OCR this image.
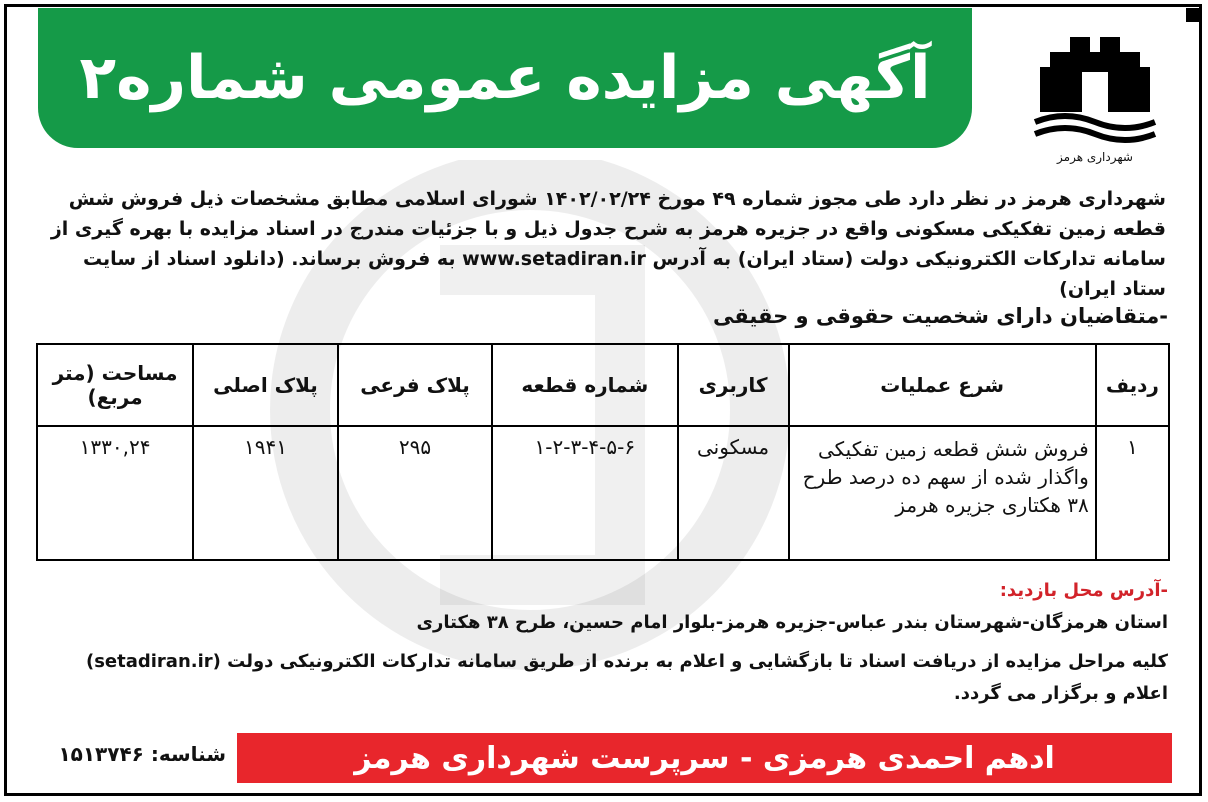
آگهی مزایده عمومی شماره۲
شهرداری هرمز
شهرداری هرمز در نظر دارد طی مجوز شماره ۴۹ مورخ ۱۴۰۲/۰۲/۲۴ شورای اسلامی مطابق مشخصات ذیل فروش شش قطعه زمین تفکیکی مسکونی واقع در جزیره هرمز به شرح جدول ذیل و با جزئیات مندرج در اسناد مزایده با بهره گیری از سامانه تدارکات الکترونیکی دولت (ستاد ایران) به آدرس www.setadiran.ir به فروش برساند. (دانلود اسناد از سایت ستاد ایران)
-متقاضیان دارای شخصیت حقوقی و حقیقی
ردیف	شرع عملیات	کاربری	شماره قطعه	پلاک فرعی	پلاک اصلی	مساحت (متر مربع)
۱	فروش شش قطعه زمین تفکیکی واگذار شده از سهم ده درصد طرح ۳۸ هکتاری جزیره هرمز	مسکونی	۱-۲-۳-۴-۵-۶	۲۹۵	۱۹۴۱	۱۳۳۰,۲۴
-آدرس محل بازدید:
استان هرمزگان-شهرستان بندر عباس-جزیره هرمز-بلوار امام حسین، طرح ۳۸ هکتاری
کلیه مراحل مزایده از دریافت اسناد تا بازگشایی و اعلام به برنده از طریق سامانه تدارکات الکترونیکی دولت (setadiran.ir) اعلام و برگزار می گردد.
ادهم احمدی هرمزی - سرپرست شهرداری هرمز
شناسه: ۱۵۱۳۷۴۶
